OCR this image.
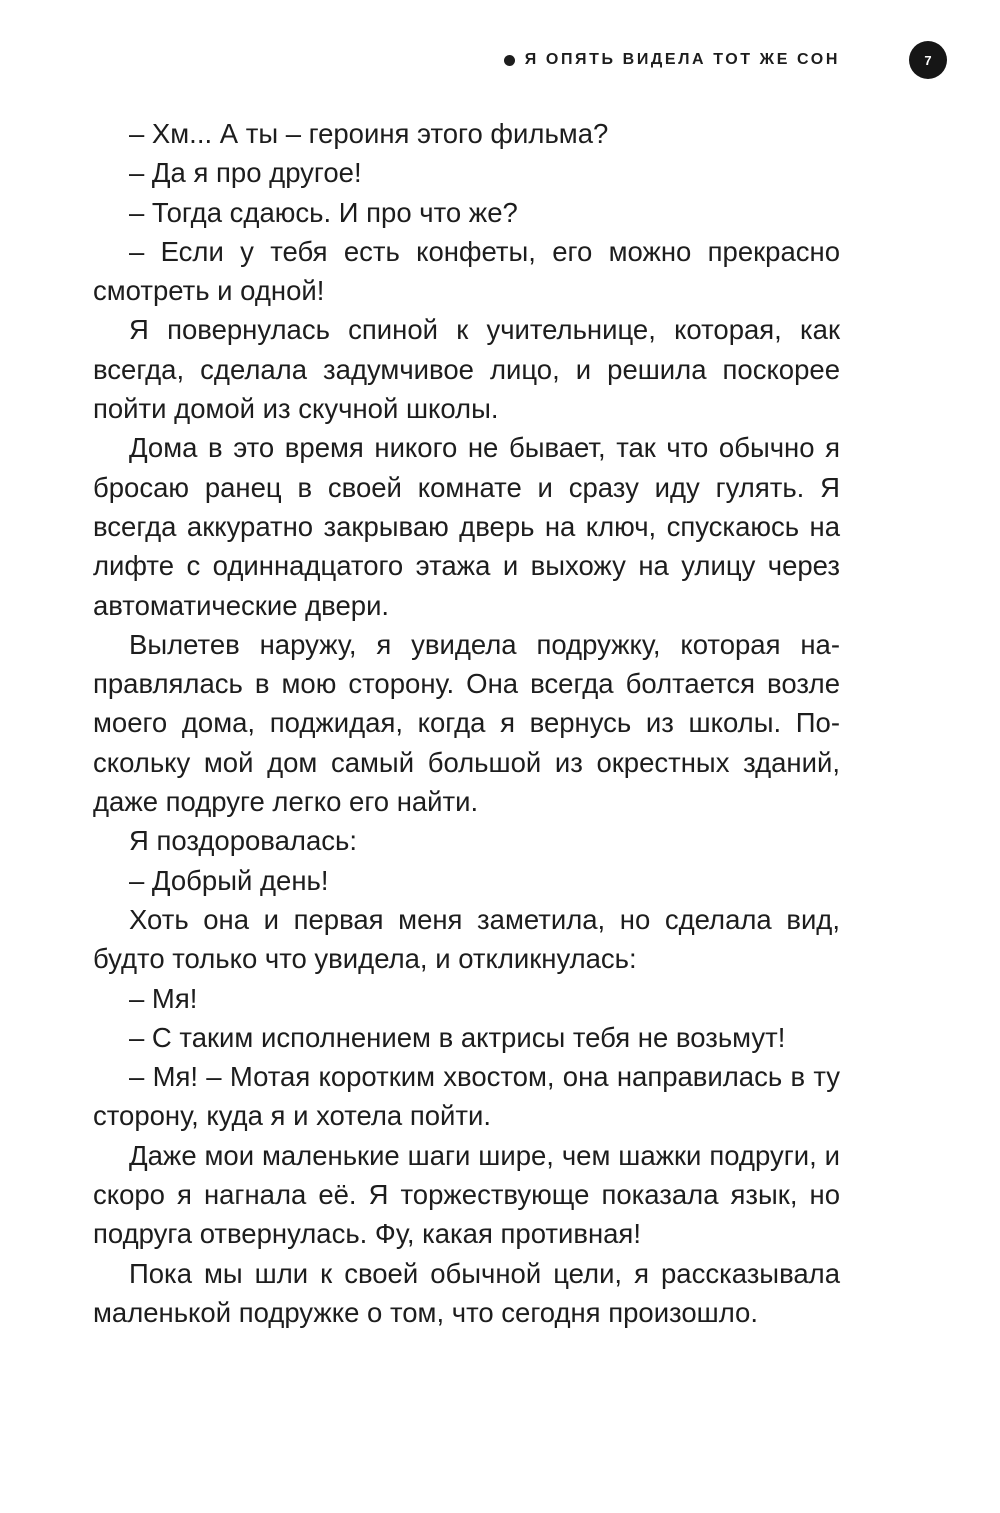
Я ОПЯТЬ ВИДЕЛА ТОТ ЖЕ СОН	7

– Хм... А ты – героиня этого фильма?

– Да я про другое!

– Тогда сдаюсь. И про что же?

– Если у тебя есть конфеты, его можно прекрасно смотреть и одной!

Я повернулась спиной к учительнице, которая, как всегда, сделала задумчивое лицо, и решила поскорее пойти домой из скучной школы.

Дома в это время никого не бывает, так что обычно я бросаю ранец в своей комнате и сразу иду гулять. Я всегда аккуратно закрываю дверь на ключ, спускаюсь на лифте с одиннадцатого этажа и выхожу на улицу через автоматические двери.

Вылетев наружу, я увидела подружку, которая направлялась в мою сторону. Она всегда болтается возле моего дома, поджидая, когда я вернусь из школы. Поскольку мой дом самый большой из окрестных зданий, даже подруге легко его найти.

Я поздоровалась:

– Добрый день!

Хоть она и первая меня заметила, но сделала вид, будто только что увидела, и откликнулась:

– Мя!

– С таким исполнением в актрисы тебя не возьмут!

– Мя! – Мотая коротким хвостом, она направилась в ту сторону, куда я и хотела пойти.

Даже мои маленькие шаги шире, чем шажки подруги, и скоро я нагнала её. Я торжествующе показала язык, но подруга отвернулась. Фу, какая противная!

Пока мы шли к своей обычной цели, я рассказывала маленькой подружке о том, что сегодня произошло.
